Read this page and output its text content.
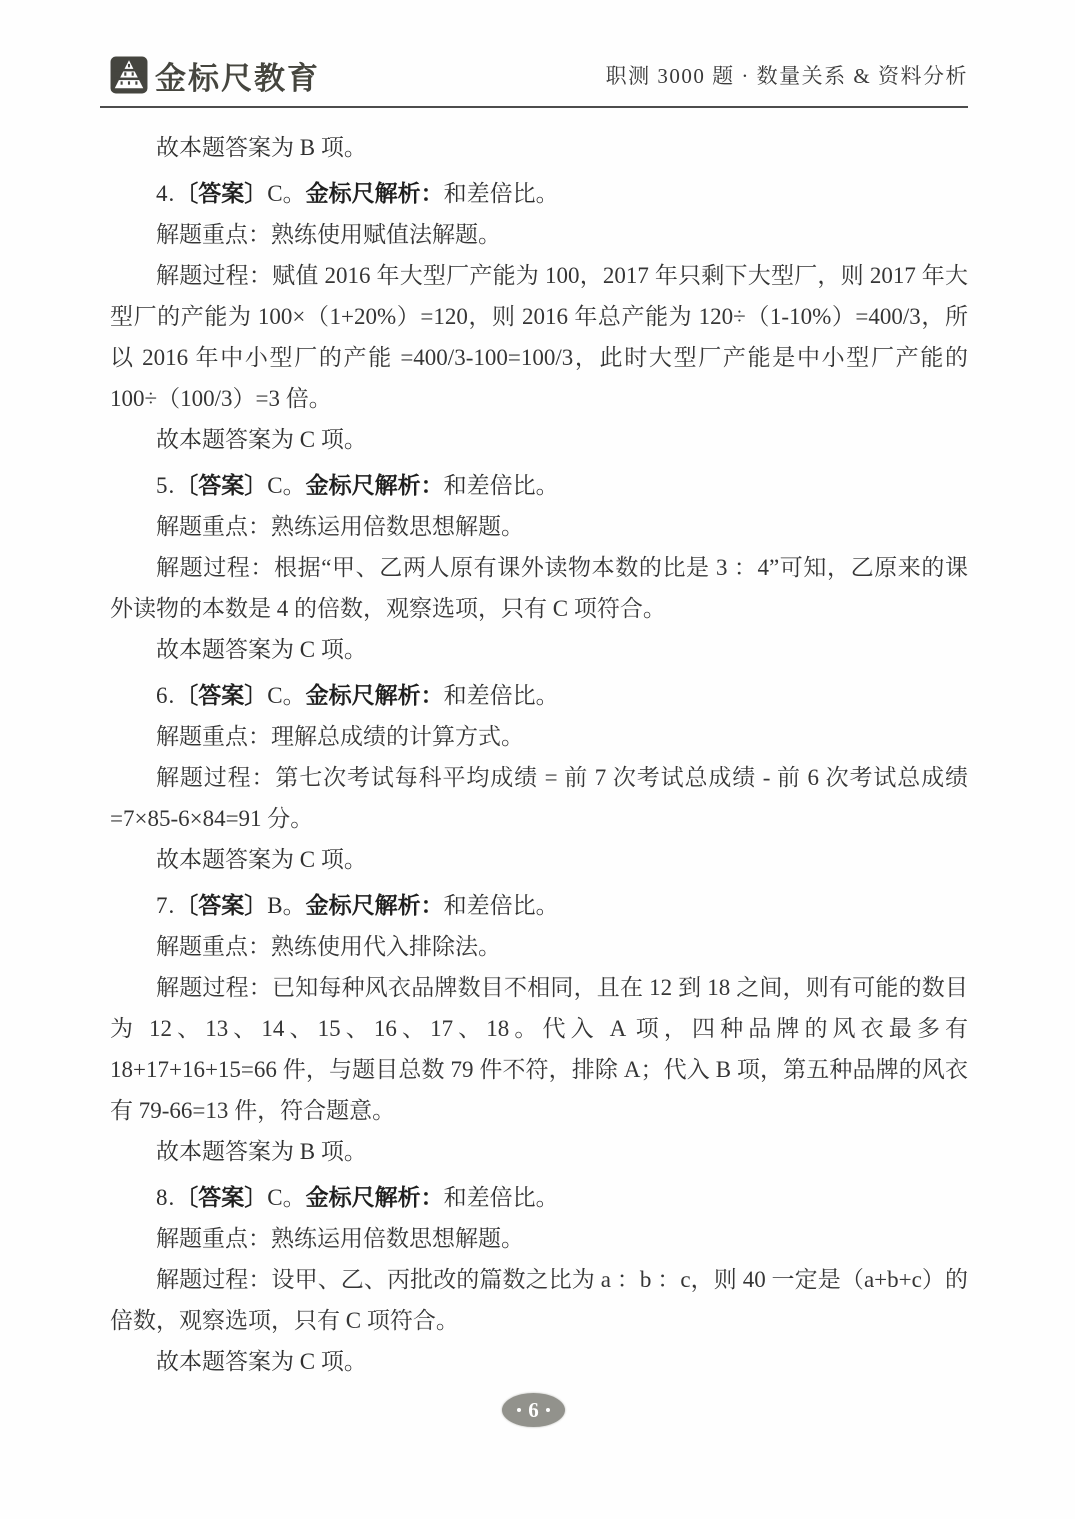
金标尺教育	职测 3000 题 · 数量关系 & 资料分析

故本题答案为 B 项。

4.〔答案〕C。金标尺解析：和差倍比。

解题重点：熟练使用赋值法解题。

解题过程：赋值 2016 年大型厂产能为 100，2017 年只剩下大型厂，则 2017 年大型厂的产能为 100×（1+20%）=120，则 2016 年总产能为 120÷（1-10%）=400/3，所以 2016 年中小型厂的产能 =400/3-100=100/3，此时大型厂产能是中小型厂产能的 100÷（100/3）=3 倍。

故本题答案为 C 项。

5.〔答案〕C。金标尺解析：和差倍比。

解题重点：熟练运用倍数思想解题。

解题过程：根据“甲、乙两人原有课外读物本数的比是 3 ：4”可知，乙原来的课外读物的本数是 4 的倍数，观察选项，只有 C 项符合。

故本题答案为 C 项。

6.〔答案〕C。金标尺解析：和差倍比。

解题重点：理解总成绩的计算方式。

解题过程：第七次考试每科平均成绩 = 前 7 次考试总成绩 - 前 6 次考试总成绩 =7×85-6×84=91 分。

故本题答案为 C 项。

7.〔答案〕B。金标尺解析：和差倍比。

解题重点：熟练使用代入排除法。

解题过程：已知每种风衣品牌数目不相同，且在 12 到 18 之间，则有可能的数目为 12、13、14、15、16、17、18。代入 A 项，四种品牌的风衣最多有 18+17+16+15=66 件，与题目总数 79 件不符，排除 A；代入 B 项，第五种品牌的风衣有 79-66=13 件，符合题意。

故本题答案为 B 项。

8.〔答案〕C。金标尺解析：和差倍比。

解题重点：熟练运用倍数思想解题。

解题过程：设甲、乙、丙批改的篇数之比为 a ：b ：c，则 40 一定是（a+b+c）的倍数，观察选项，只有 C 项符合。

故本题答案为 C 项。

6
